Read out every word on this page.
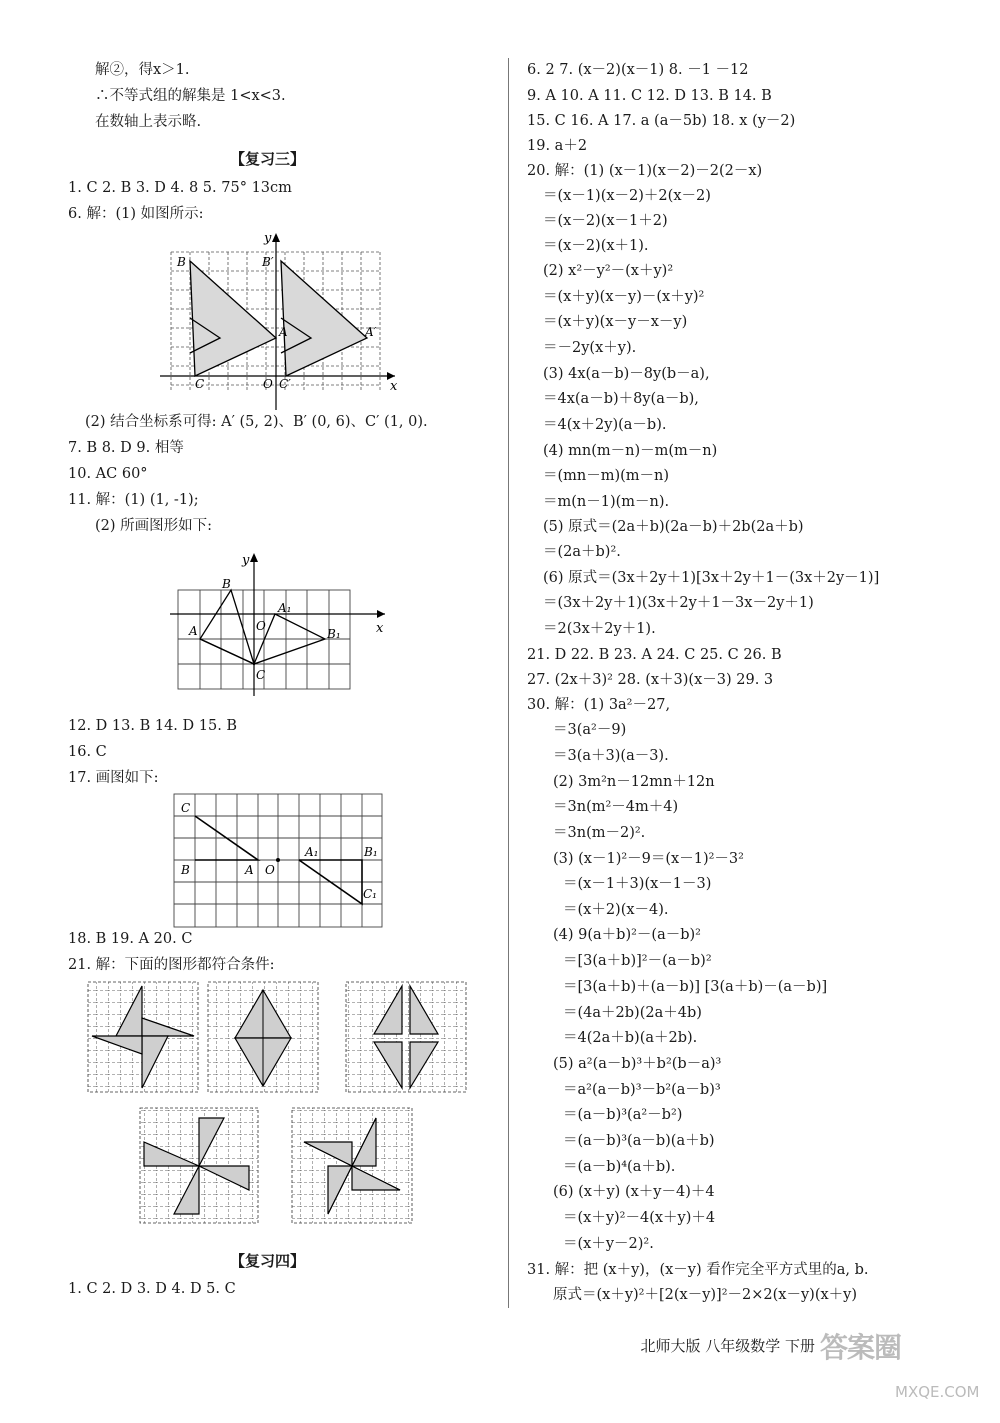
解②，得x＞1.
∴不等式组的解集是 1<x<3.
在数轴上表示略.
【复习三】
1. C 2. B 3. D 4. 8 5. 75° 13cm
6. 解：(1) 如图所示:
y
B	B′
A	A′
C	O C′	x
(2) 结合坐标系可得: A′ (5, 2)、B′ (0, 6)、C′ (1, 0).
7. B 8. D 9. 相等
10. AC 60°
11. 解：(1) (1, -1);
(2) 所画图形如下:
y
B
A₁
A	O
B₁
C
x
12. D 13. B 14. D 15. B
16. C
17. 画图如下:
C
A₁	B₁
B	A O
C₁
18. B 19. A 20. C
21. 解：下面的图形都符合条件:
【复习四】
1. C 2. D 3. D 4. D 5. C
6. 2 7. (x－2)(x－1) 8. －1 －12
9. A 10. A 11. C 12. D 13. B 14. B
15. C 16. A 17. a (a－5b) 18. x (y－2)
19. a＋2
20. 解：(1) (x－1)(x－2)－2(2－x)
＝(x－1)(x－2)＋2(x－2)
＝(x－2)(x－1＋2)
＝(x－2)(x＋1).
(2) x²－y²－(x＋y)²
＝(x＋y)(x－y)－(x＋y)²
＝(x＋y)(x－y－x－y)
＝－2y(x＋y).
(3) 4x(a－b)－8y(b－a),
＝4x(a－b)＋8y(a－b),
＝4(x＋2y)(a－b).
(4) mn(m－n)－m(m－n)
＝(mn－m)(m－n)
＝m(n－1)(m－n).
(5) 原式＝(2a＋b)(2a－b)＋2b(2a＋b)
＝(2a＋b)².
(6) 原式＝(3x＋2y＋1)[3x＋2y＋1－(3x＋2y－1)]
＝(3x＋2y＋1)(3x＋2y＋1－3x－2y＋1)
＝2(3x＋2y＋1).
21. D 22. B 23. A 24. C 25. C 26. B
27. (2x＋3)² 28. (x＋3)(x－3) 29. 3
30. 解：(1) 3a²－27,
＝3(a²－9)
＝3(a＋3)(a－3).
(2) 3m²n－12mn＋12n
＝3n(m²－4m＋4)
＝3n(m－2)².
(3) (x－1)²－9＝(x－1)²－3²
＝(x－1＋3)(x－1－3)
＝(x＋2)(x－4).
(4) 9(a＋b)²－(a－b)²
＝[3(a＋b)]²－(a－b)²
＝[3(a＋b)＋(a－b)] [3(a＋b)－(a－b)]
＝(4a＋2b)(2a＋4b)
＝4(2a＋b)(a＋2b).
(5) a²(a－b)³＋b²(b－a)³
＝a²(a－b)³－b²(a－b)³
＝(a－b)³(a²－b²)
＝(a－b)³(a－b)(a＋b)
＝(a－b)⁴(a＋b).
(6) (x＋y) (x＋y－4)＋4
＝(x＋y)²－4(x＋y)＋4
＝(x＋y－2)².
31. 解：把 (x＋y)，(x－y) 看作完全平方式里的a, b.
原式＝(x＋y)²＋[2(x－y)]²－2×2(x－y)(x＋y)
北师大版 八年级数学 下册 答案圈
MXQE.COM
